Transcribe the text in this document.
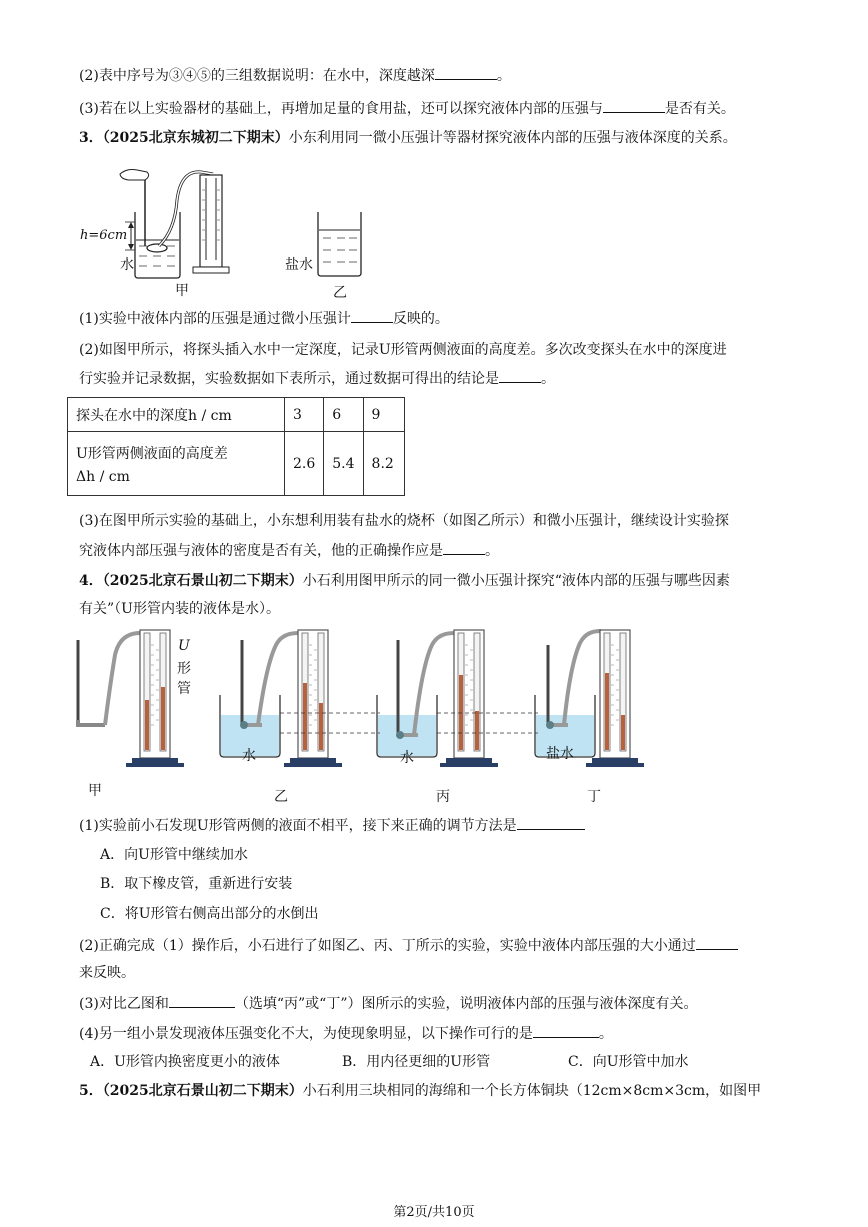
(2)表中序号为③④⑤的三组数据说明：在水中，深度越深	。
(3)若在以上实验器材的基础上，再增加足量的食用盐，还可以探究液体内部的压强与	是否有关。
3．（2025北京东城初二下期末）小东利用同一微小压强计等器材探究液体内部的压强与液体深度的关系。
h=6cm
水	盐水
甲	乙
(1)实验中液体内部的压强是通过微小压强计	反映的。
(2)如图甲所示，将探头插入水中一定深度，记录U形管两侧液面的高度差。多次改变探头在水中的深度进
行实验并记录数据，实验数据如下表所示，通过数据可得出的结论是	。
探头在水中的深度h / cm	3	6	9

U形管两侧液面的高度差
Δh / cm	2.6	5.4	8.2
(3)在图甲所示实验的基础上，小东想利用装有盐水的烧杯（如图乙所示）和微小压强计，继续设计实验探
究液体内部压强与液体的密度是否有关，他的正确操作应是	。
4．（2025北京石景山初二下期末）小石利用图甲所示的同一微小压强计探究“液体内部的压强与哪些因素
有关”（U形管内装的液体是水）。
U
形
管
水	水	盐水
甲	乙	丙	丁
(1)实验前小石发现U形管两侧的液面不相平，接下来正确的调节方法是
A．向U形管中继续加水
B．取下橡皮管，重新进行安装
C．将U形管右侧高出部分的水倒出
(2)正确完成（1）操作后，小石进行了如图乙、丙、丁所示的实验，实验中液体内部压强的大小通过
来反映。
(3)对比乙图和	（选填“丙”或“丁”）图所示的实验，说明液体内部的压强与液体深度有关。
(4)另一组小景发现液体压强变化不大，为使现象明显，以下操作可行的是	。
A．U形管内换密度更小的液体	B．用内径更细的U形管	C．向U形管中加水
5．（2025北京石景山初二下期末）小石利用三块相同的海绵和一个长方体铜块（12cm×8cm×3cm，如图甲
第2页/共10页
